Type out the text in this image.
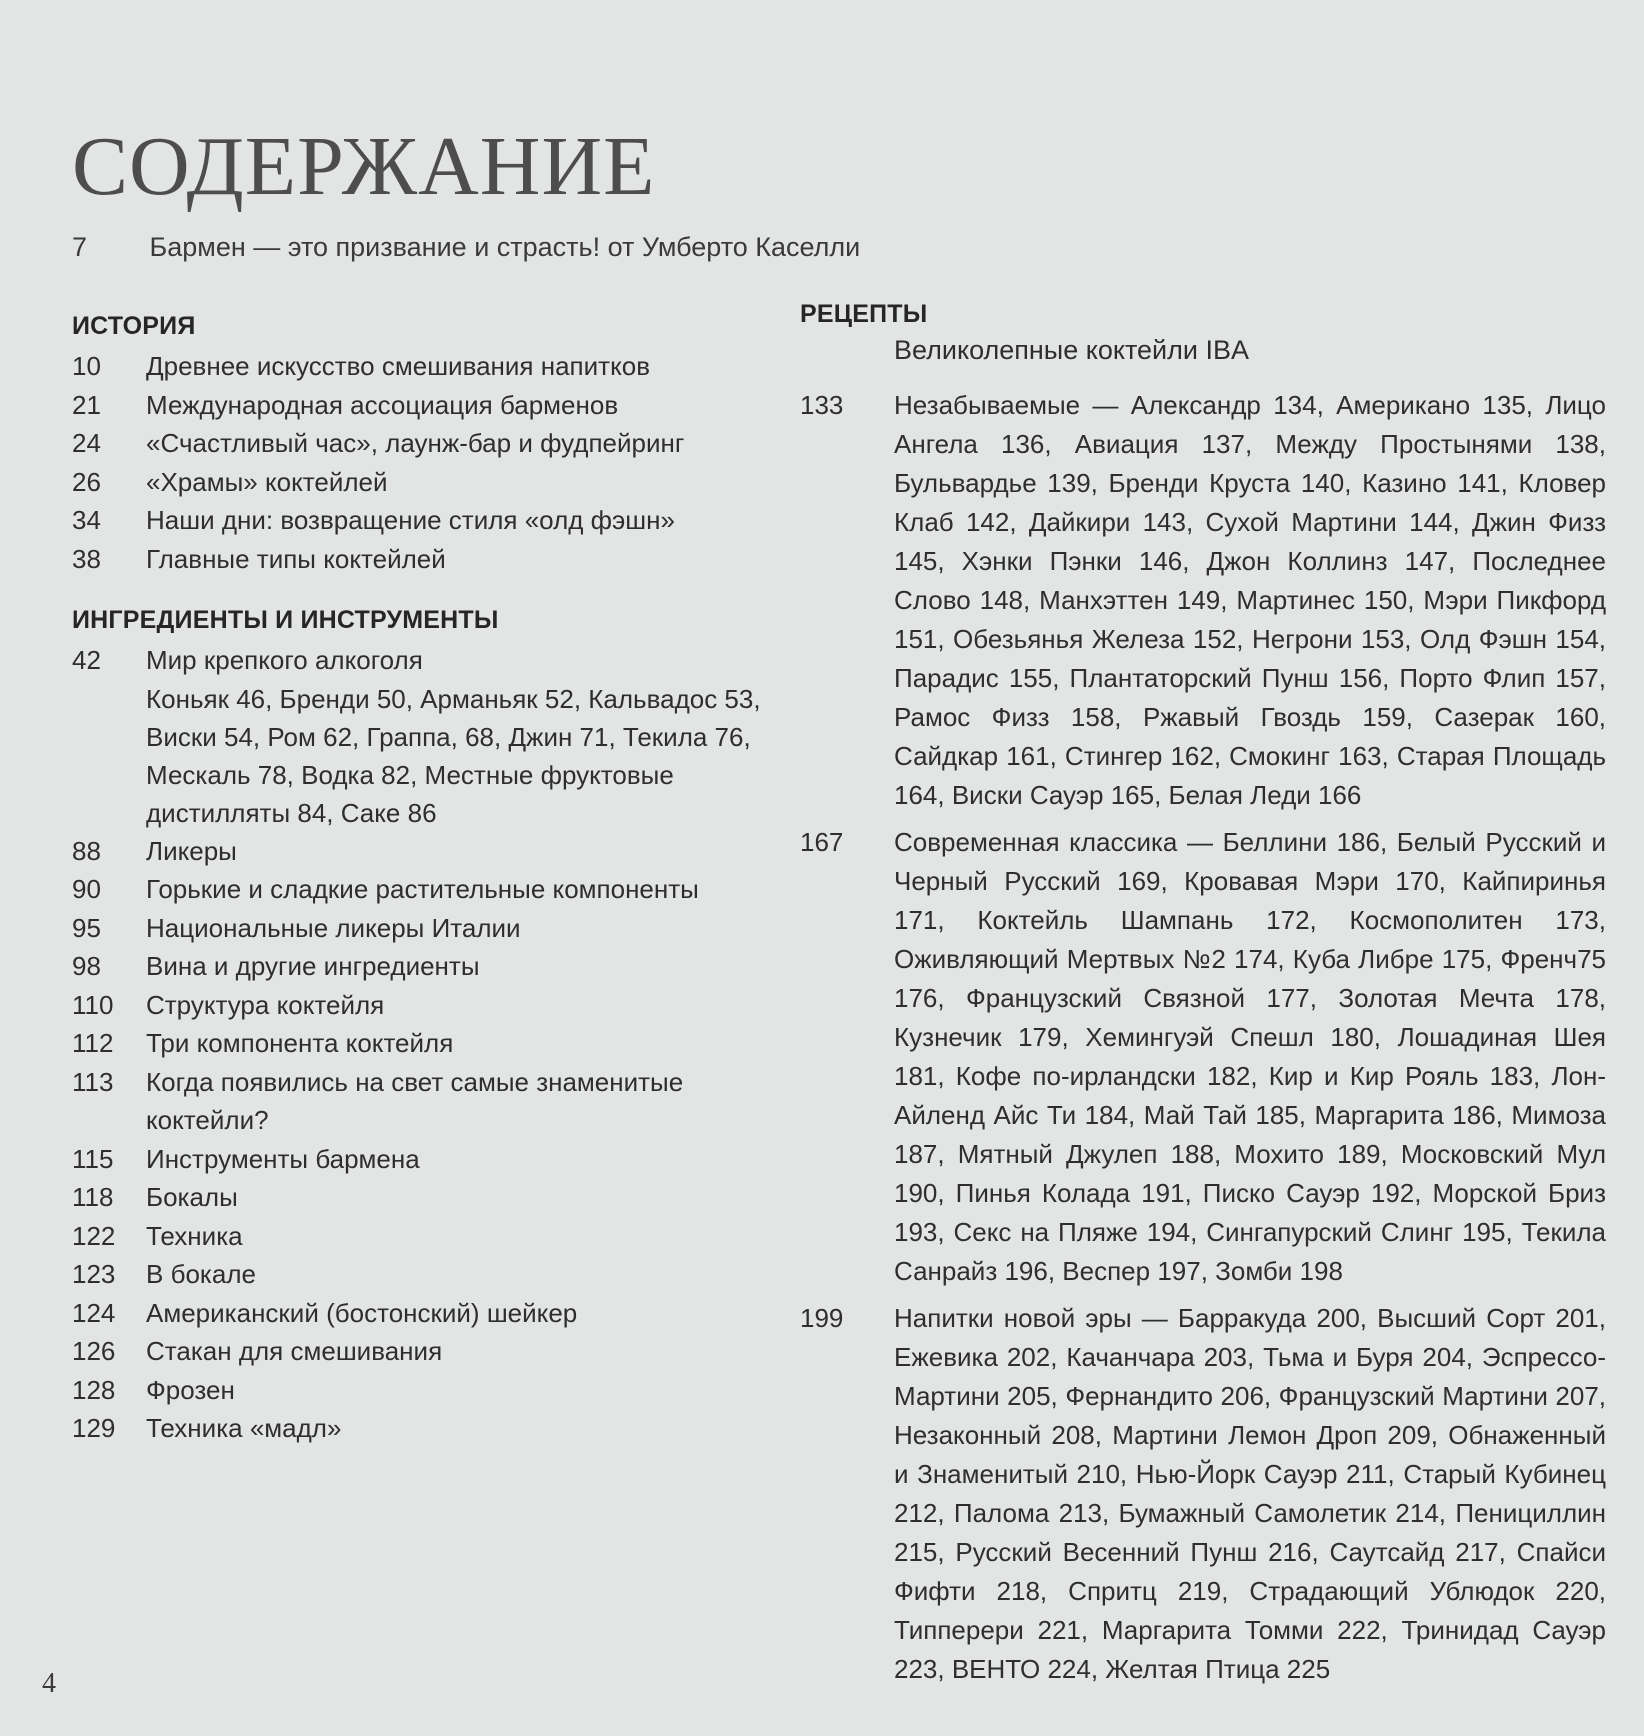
СОДЕРЖАНИЕ
7 Бармен — это призвание и страсть! от Умберто Каселли
ИСТОРИЯ
10	Древнее искусство смешивания напитков
21	Международная ассоциация барменов
24	«Счастливый час», лаунж-бар и фудпейринг
26	«Храмы» коктейлей
34	Наши дни: возвращение стиля «олд фэшн»
38	Главные типы коктейлей
ИНГРЕДИЕНТЫ И ИНСТРУМЕНТЫ
42	Мир крепкого алкоголя
Коньяк 46, Бренди 50, Арманьяк 52, Кальвадос 53, Виски 54, Ром 62, Граппа, 68, Джин 71, Текила 76, Мескаль 78, Водка 82, Местные фруктовые дистилляты 84, Саке 86
88	Ликеры
90	Горькие и сладкие растительные компоненты
95	Национальные ликеры Италии
98	Вина и другие ингредиенты
110	Структура коктейля
112	Три компонента коктейля
113	Когда появились на свет самые знаменитые коктейли?
115	Инструменты бармена
118	Бокалы
122	Техника
123	В бокале
124	Американский (бостонский) шейкер
126	Стакан для смешивания
128	Фрозен
129	Техника «мадл»
РЕЦЕПТЫ
Великолепные коктейли IBA
133	Незабываемые — Александр 134, Американо 135, Лицо Ангела 136, Авиация 137, Между Простынями 138, Бульвардье 139, Бренди Круста 140, Казино 141, Кловер Клаб 142, Дайкири 143, Сухой Мартини 144, Джин Физз 145, Хэнки Пэнки 146, Джон Коллинз 147, Последнее Слово 148, Манхэттен 149, Мартинес 150, Мэри Пикфорд 151, Обезьянья Железа 152, Негрони 153, Олд Фэшн 154, Парадис 155, Плантаторский Пунш 156, Порто Флип 157, Рамос Физз 158, Ржавый Гвоздь 159, Сазерак 160, Сайдкар 161, Стингер 162, Смокинг 163, Старая Площадь 164, Виски Сауэр 165, Белая Леди 166
167	Современная классика — Беллини 186, Белый Русский и Черный Русский 169, Кровавая Мэри 170, Кайпиринья 171, Коктейль Шампань 172, Космополитен 173, Оживляющий Мертвых №2 174, Куба Либре 175, Френч75 176, Французский Связной 177, Золотая Мечта 178, Кузнечик 179, Хемингуэй Спешл 180, Лошадиная Шея 181, Кофе по-ирландски 182, Кир и Кир Рояль 183, Лон-Айленд Айс Ти 184, Май Тай 185, Маргарита 186, Мимоза 187, Мятный Джулеп 188, Мохито 189, Московский Мул 190, Пинья Колада 191, Писко Сауэр 192, Морской Бриз 193, Секс на Пляже 194, Сингапурский Слинг 195, Текила Санрайз 196, Веспер 197, Зомби 198
199	Напитки новой эры — Барракуда 200, Высший Сорт 201, Ежевика 202, Качанчара 203, Тьма и Буря 204, Эспрессо-Мартини 205, Фернандито 206, Французский Мартини 207, Незаконный 208, Мартини Лемон Дроп 209, Обнаженный и Знаменитый 210, Нью-Йорк Сауэр 211, Старый Кубинец 212, Палома 213, Бумажный Самолетик 214, Пенициллин 215, Русский Весенний Пунш 216, Саутсайд 217, Спайси Фифти 218, Спритц 219, Страдающий Ублюдок 220, Типперери 221, Маргарита Томми 222, Тринидад Сауэр 223, ВЕНТО 224, Желтая Птица 225
4
